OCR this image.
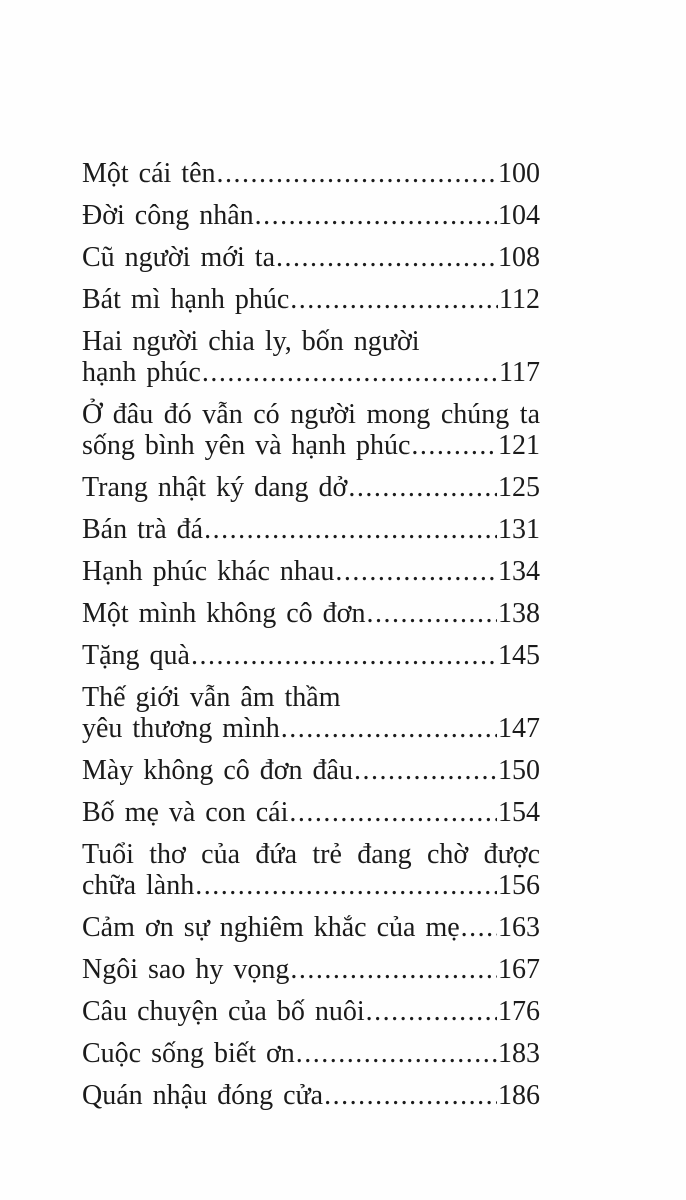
Một cái tên .....	100
Đời công nhân .....	104
Cũ người mới ta .....	108
Bát mì hạnh phúc .....	112
Hai người chia ly, bốn người
hạnh phúc .....	117
Ở đâu đó vẫn có người mong chúng ta
sống bình yên và hạnh phúc .....	121
Trang nhật ký dang dở .....	125
Bán trà đá .....	131
Hạnh phúc khác nhau .....	134
Một mình không cô đơn .....	138
Tặng quà .....	145
Thế giới vẫn âm thầm
yêu thương mình .....	147
Mày không cô đơn đâu .....	150
Bố mẹ và con cái .....	154
Tuổi thơ của đứa trẻ đang chờ được
chữa lành .....	156
Cảm ơn sự nghiêm khắc của mẹ ..... 163
Ngôi sao hy vọng .....	167
Câu chuyện của bố nuôi .....	176
Cuộc sống biết ơn .....	183
Quán nhậu đóng cửa .....	186
